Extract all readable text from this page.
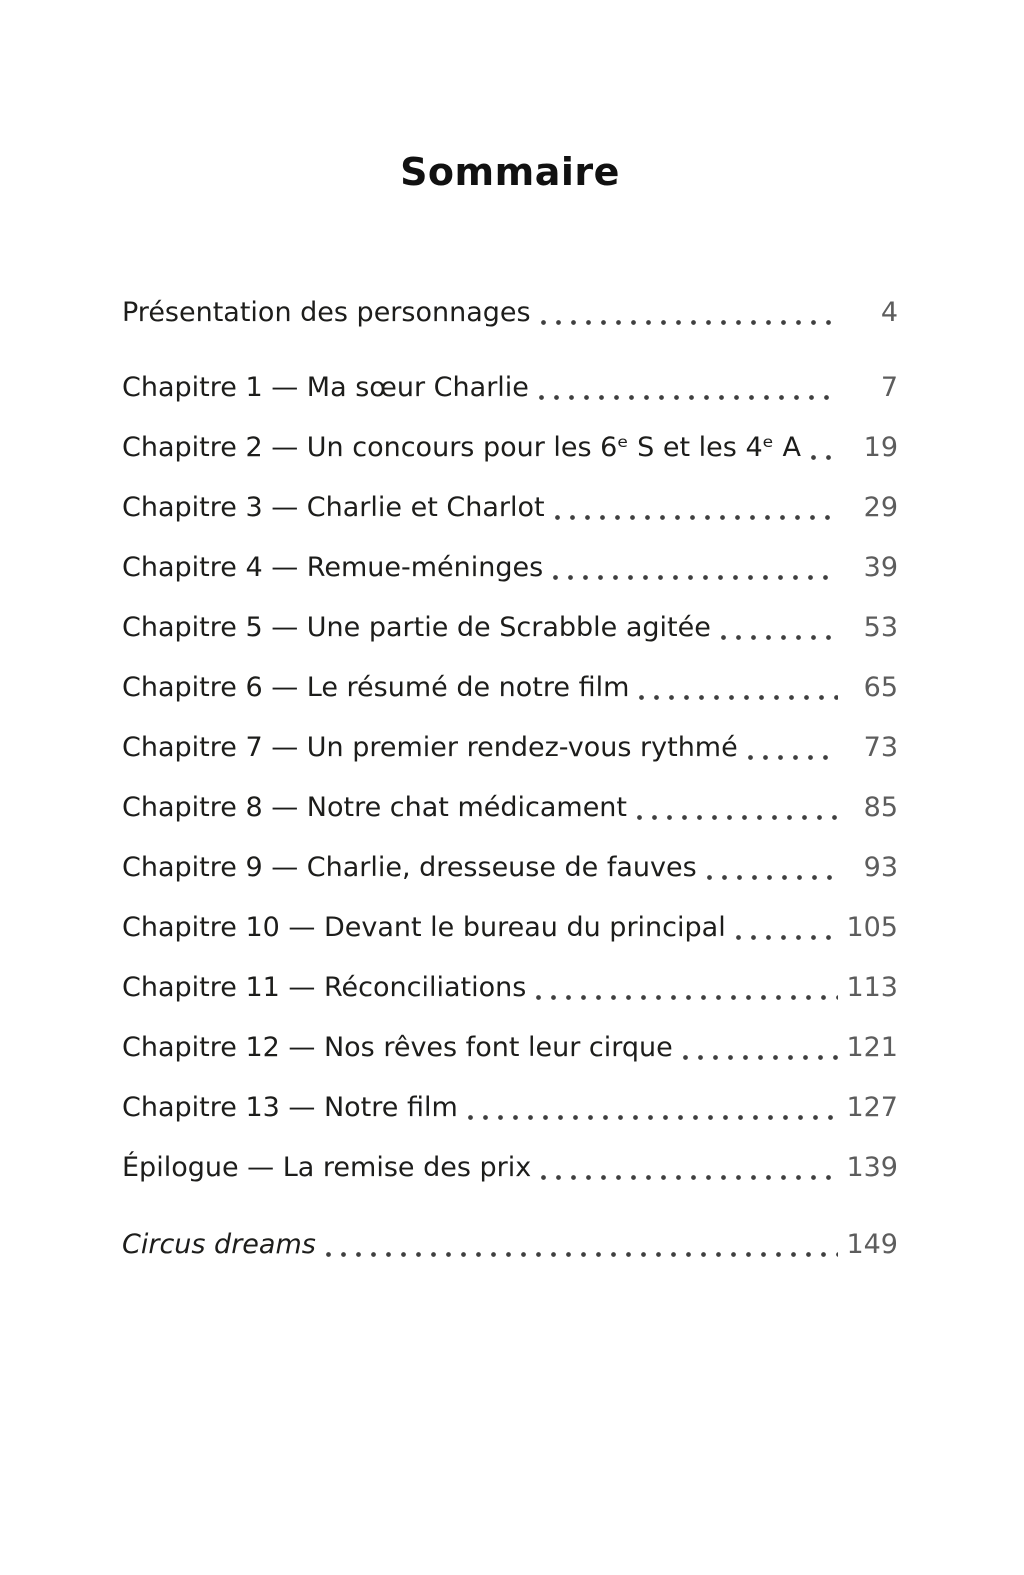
Sommaire
Présentation des personnages	4
Chapitre 1 — Ma sœur Charlie	7
Chapitre 2 — Un concours pour les 6ᵉ S et les 4ᵉ A	19
Chapitre 3 — Charlie et Charlot	29
Chapitre 4 — Remue-méninges	39
Chapitre 5 — Une partie de Scrabble agitée	53
Chapitre 6 — Le résumé de notre film	65
Chapitre 7 — Un premier rendez-vous rythmé	73
Chapitre 8 — Notre chat médicament	85
Chapitre 9 — Charlie, dresseuse de fauves	93
Chapitre 10 — Devant le bureau du principal	105
Chapitre 11 — Réconciliations	113
Chapitre 12 — Nos rêves font leur cirque	121
Chapitre 13 — Notre film	127
Épilogue — La remise des prix	139
Circus dreams	149
